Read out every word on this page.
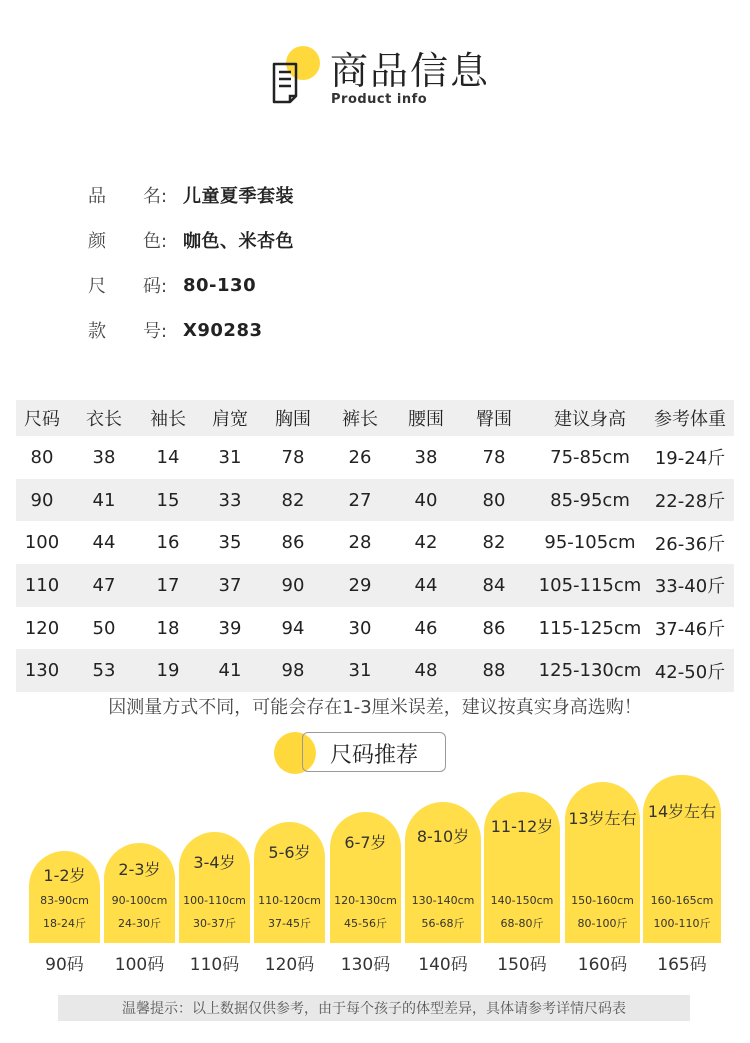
商品信息
Product info
品	名: 儿童夏季套装
颜	色: 咖色、米杏色
尺	码: 80-130
款	号: X90283
尺码	衣长	袖长	肩宽	胸围	裤长	腰围	臀围	建议身高	参考体重
80	38	14	31	78	26	38	78	75-85cm	19-24斤
90	41	15	33	82	27	40	80	85-95cm	22-28斤
100	44	16	35	86	28	42	82	95-105cm	26-36斤
110	47	17	37	90	29	44	84	105-115cm 33-40斤
120	50	18	39	94	30	46	86	115-125cm 37-46斤
130	53	19	41	98	31	48	88	125-130cm 42-50斤
因测量方式不同，可能会存在1-3厘米误差，建议按真实身高选购！
尺码推荐
1-2岁
83-90cm
18-24斤
90码
2-3岁
90-100cm
24-30斤
100码
3-4岁
100-110cm
30-37斤
110码
5-6岁
110-120cm
37-45斤
120码
6-7岁
120-130cm
45-56斤
130码
8-10岁
130-140cm
56-68斤
140码
11-12岁
140-150cm
68-80斤
150码
13岁左右
150-160cm
80-100斤
160码
14岁左右
160-165cm
100-110斤
165码
温馨提示：以上数据仅供参考，由于每个孩子的体型差异，具体请参考详情尺码表
